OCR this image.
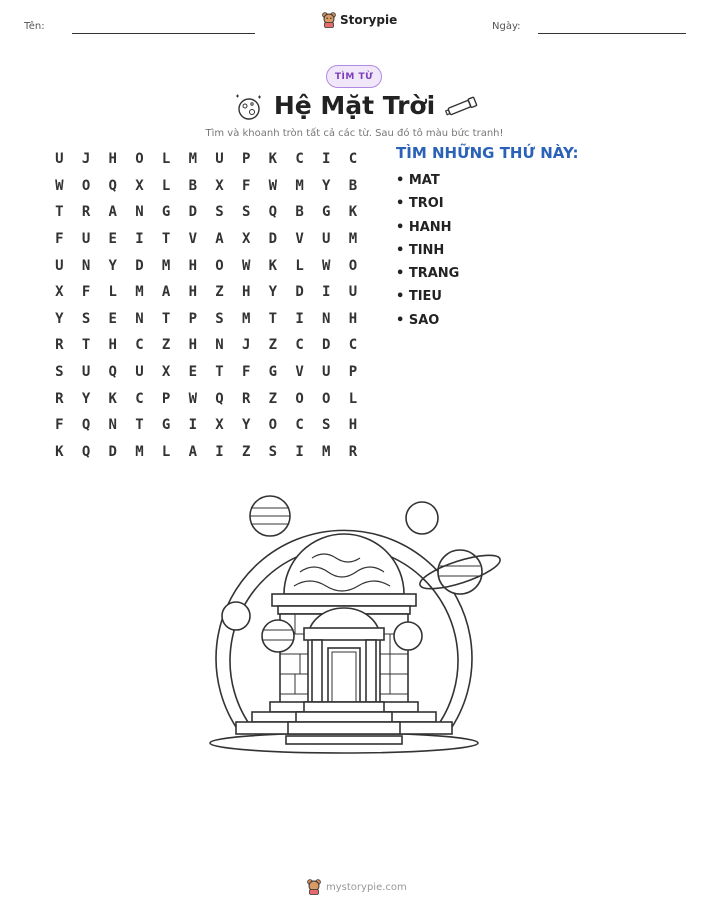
Tên:	Ngày:
Storypie
TÌM TỪ
Hệ Mặt Trời
Tìm và khoanh tròn tất cả các từ. Sau đó tô màu bức tranh!
U	J	H	O	L	M	U	P	K	C	I	C
W	O	Q	X	L	B	X	F	W	M	Y	B
T	R	A	N	G	D	S	S	Q	B	G	K
F	U	E	I	T	V	A	X	D	V	U	M
U	N	Y	D	M	H	O	W	K	L	W	O
X	F	L	M	A	H	Z	H	Y	D	I	U
Y	S	E	N	T	P	S	M	T	I	N	H
R	T	H	C	Z	H	N	J	Z	C	D	C
S	U	Q	U	X	E	T	F	G	V	U	P
R	Y	K	C	P	W	Q	R	Z	O	O	L
F	Q	N	T	G	I	X	Y	O	C	S	H
K	Q	D	M	L	A	I	Z	S	I	M	R
TÌM NHỮNG THỨ NÀY:
• MAT
• TROI
• HANH
• TINH
• TRANG
• TIEU
• SAO
mystorypie.com
